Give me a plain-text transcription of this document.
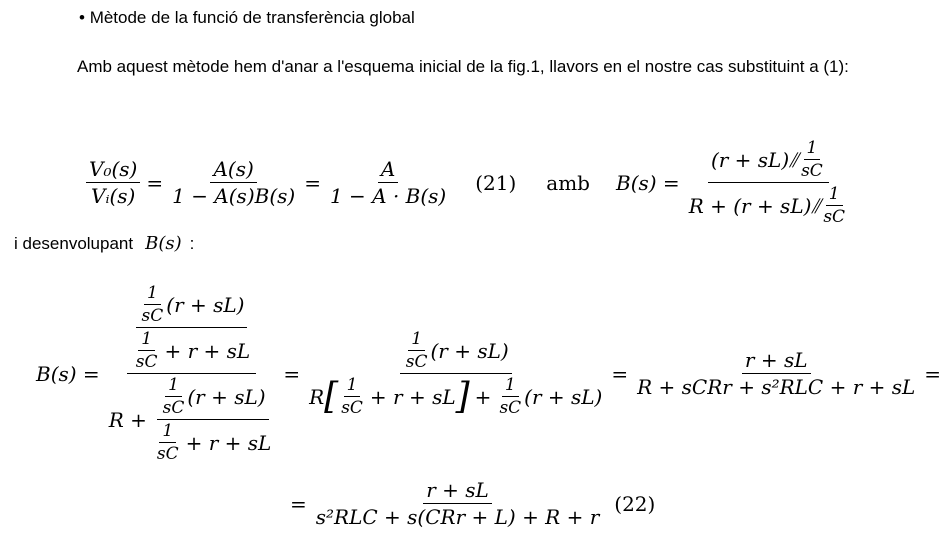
• Mètode de la funció de transferència global
Amb aquest mètode hem d'anar a l'esquema inicial de la fig.1, llavors en el nostre cas substituint a (1):
$\frac{\text{V₀(s)}}{\text{Vᵢ(s)}} = \frac{A(s)}{1 - A(s)B(s)} = \frac{A}{1 - A \cdot B(s)} (21)$ amb $B(s) = \frac{(r + sL)⫽ \frac{1}{sC}}{R + (r + sL)⫽ \frac{1}{sC}}$
i desenvolupant B(s) :
B(s) =
$\frac{\frac{1}{sC} (r + sL)}{\frac{1}{sC} + r + sL}$
$R + \frac{\frac{1}{sC} (r + sL)}{\frac{1}{sC} + r + sL}$
=
$\frac{1}{sC} (r + sL)$
R [ $\frac{1}{sC} + r$ + sL ] + $\frac{1}{sC} (r + sL)$
= $\frac{r + sL}{\text{R + sCRr + s²RLC + r + sL}}$ =
= $\frac{r + sL}{\text{s²RLC + s(CRr + L) + R + r}} (22)$
